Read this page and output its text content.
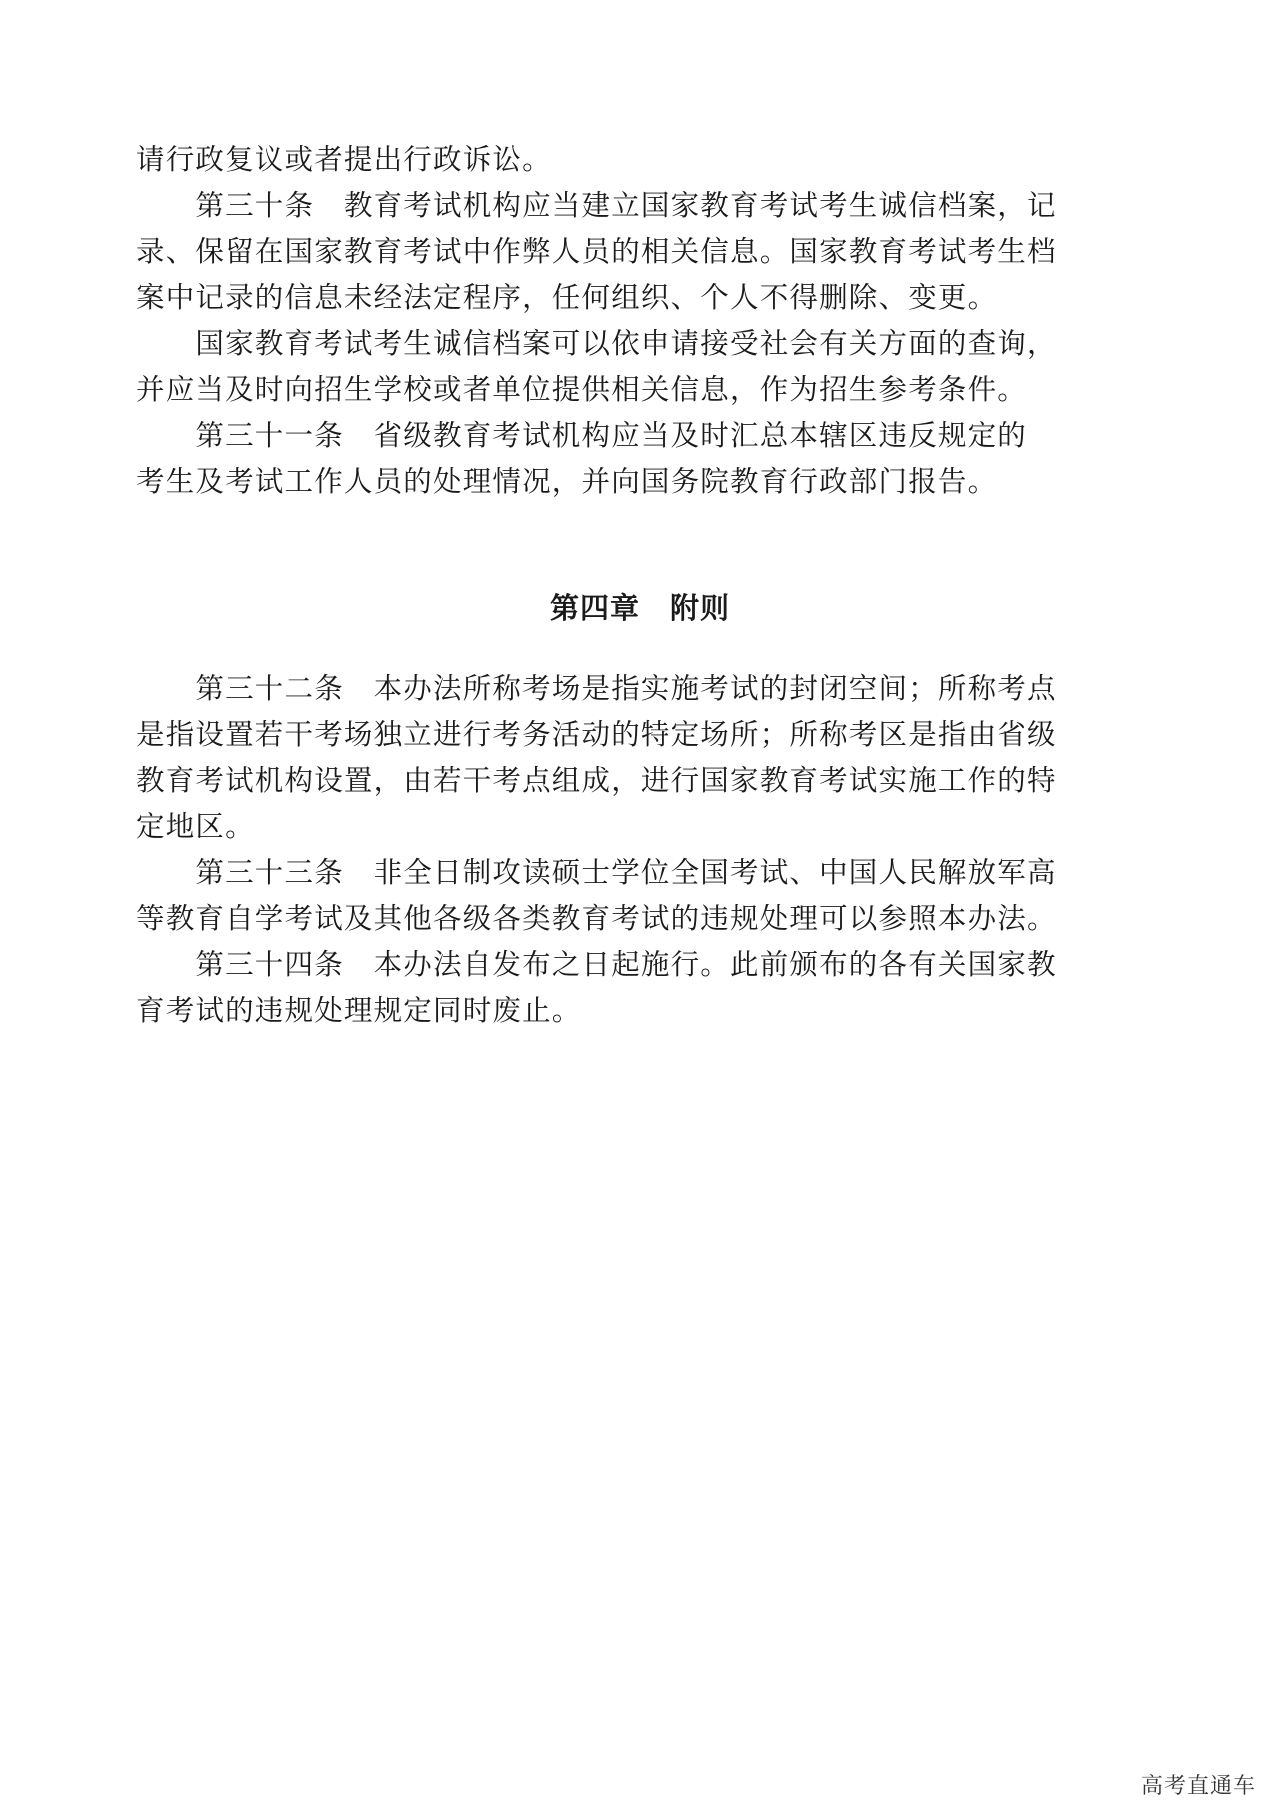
请行政复议或者提出行政诉讼。
　　第三十条　教育考试机构应当建立国家教育考试考生诚信档案，记
录、保留在国家教育考试中作弊人员的相关信息。国家教育考试考生档
案中记录的信息未经法定程序，任何组织、个人不得删除、变更。
　　国家教育考试考生诚信档案可以依申请接受社会有关方面的查询，
并应当及时向招生学校或者单位提供相关信息，作为招生参考条件。
　　第三十一条　省级教育考试机构应当及时汇总本辖区违反规定的
考生及考试工作人员的处理情况，并向国务院教育行政部门报告。
第四章　附则
　　第三十二条　本办法所称考场是指实施考试的封闭空间；所称考点
是指设置若干考场独立进行考务活动的特定场所；所称考区是指由省级
教育考试机构设置，由若干考点组成，进行国家教育考试实施工作的特
定地区。
　　第三十三条　非全日制攻读硕士学位全国考试、中国人民解放军高
等教育自学考试及其他各级各类教育考试的违规处理可以参照本办法。
　　第三十四条　本办法自发布之日起施行。此前颁布的各有关国家教
育考试的违规处理规定同时废止。
高考直通车
